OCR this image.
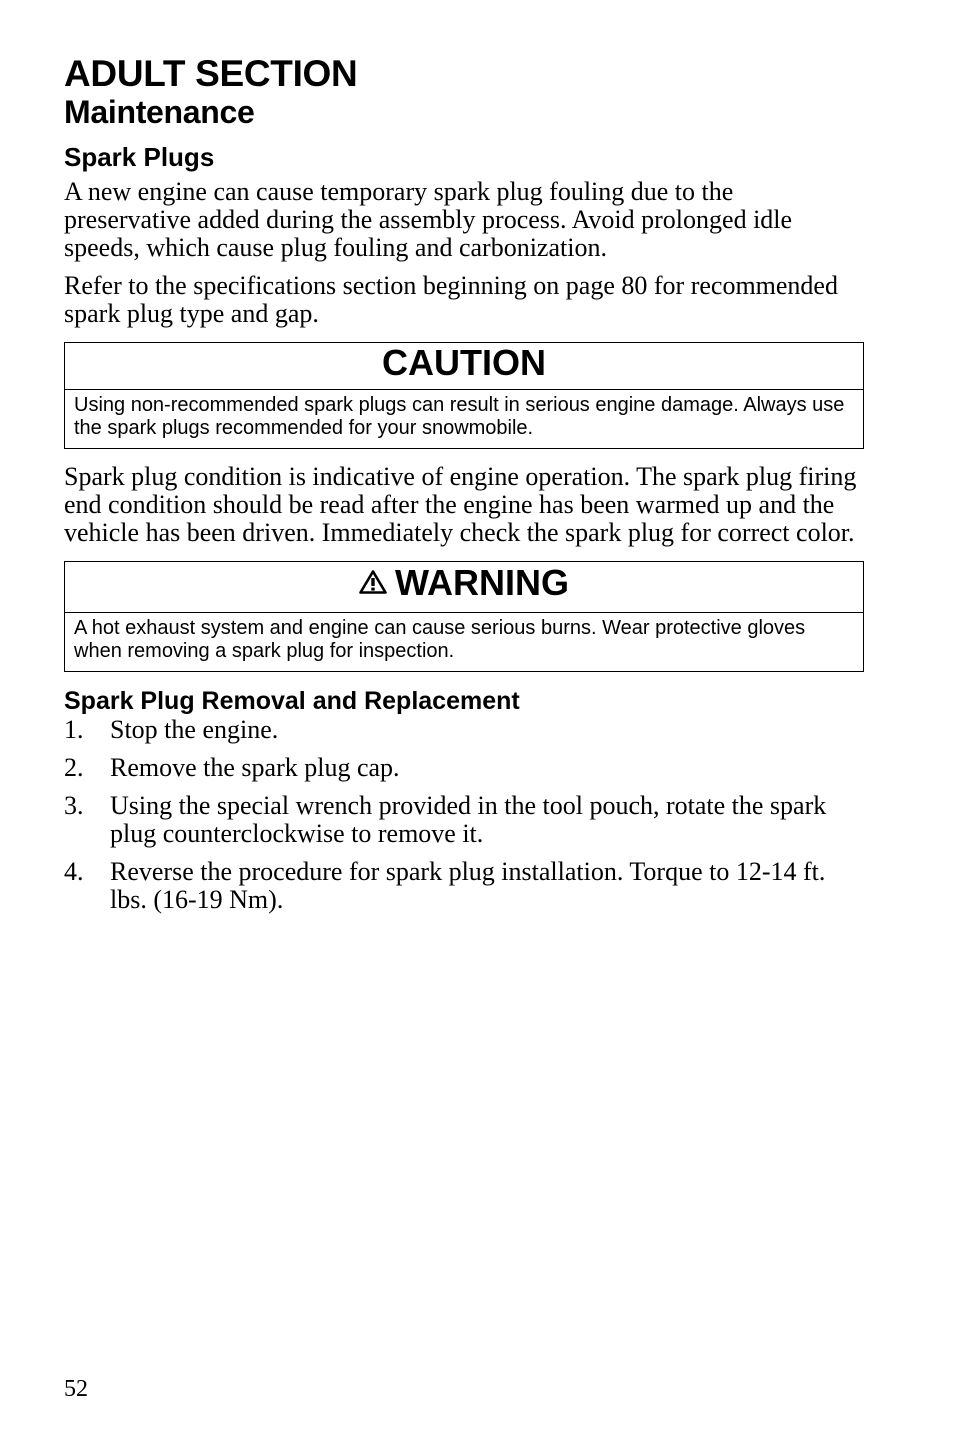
ADULT SECTION
Maintenance
Spark Plugs

A new engine can cause temporary spark plug fouling due to the preservative added during the assembly process. Avoid prolonged idle speeds, which cause plug fouling and carbonization.

Refer to the specifications section beginning on page 80 for recommended spark plug type and gap.

CAUTION
Using non-recommended spark plugs can result in serious engine damage. Always use the spark plugs recommended for your snowmobile.

Spark plug condition is indicative of engine operation. The spark plug firing end condition should be read after the engine has been warmed up and the vehicle has been driven. Immediately check the spark plug for correct color.

WARNING
A hot exhaust system and engine can cause serious burns. Wear protective gloves when removing a spark plug for inspection.
Spark Plug Removal and Replacement
1. Stop the engine.
2. Remove the spark plug cap.
3. Using the special wrench provided in the tool pouch, rotate the spark plug counterclockwise to remove it.
4. Reverse the procedure for spark plug installation. Torque to 12-14 ft. lbs. (16-19 Nm).
52
